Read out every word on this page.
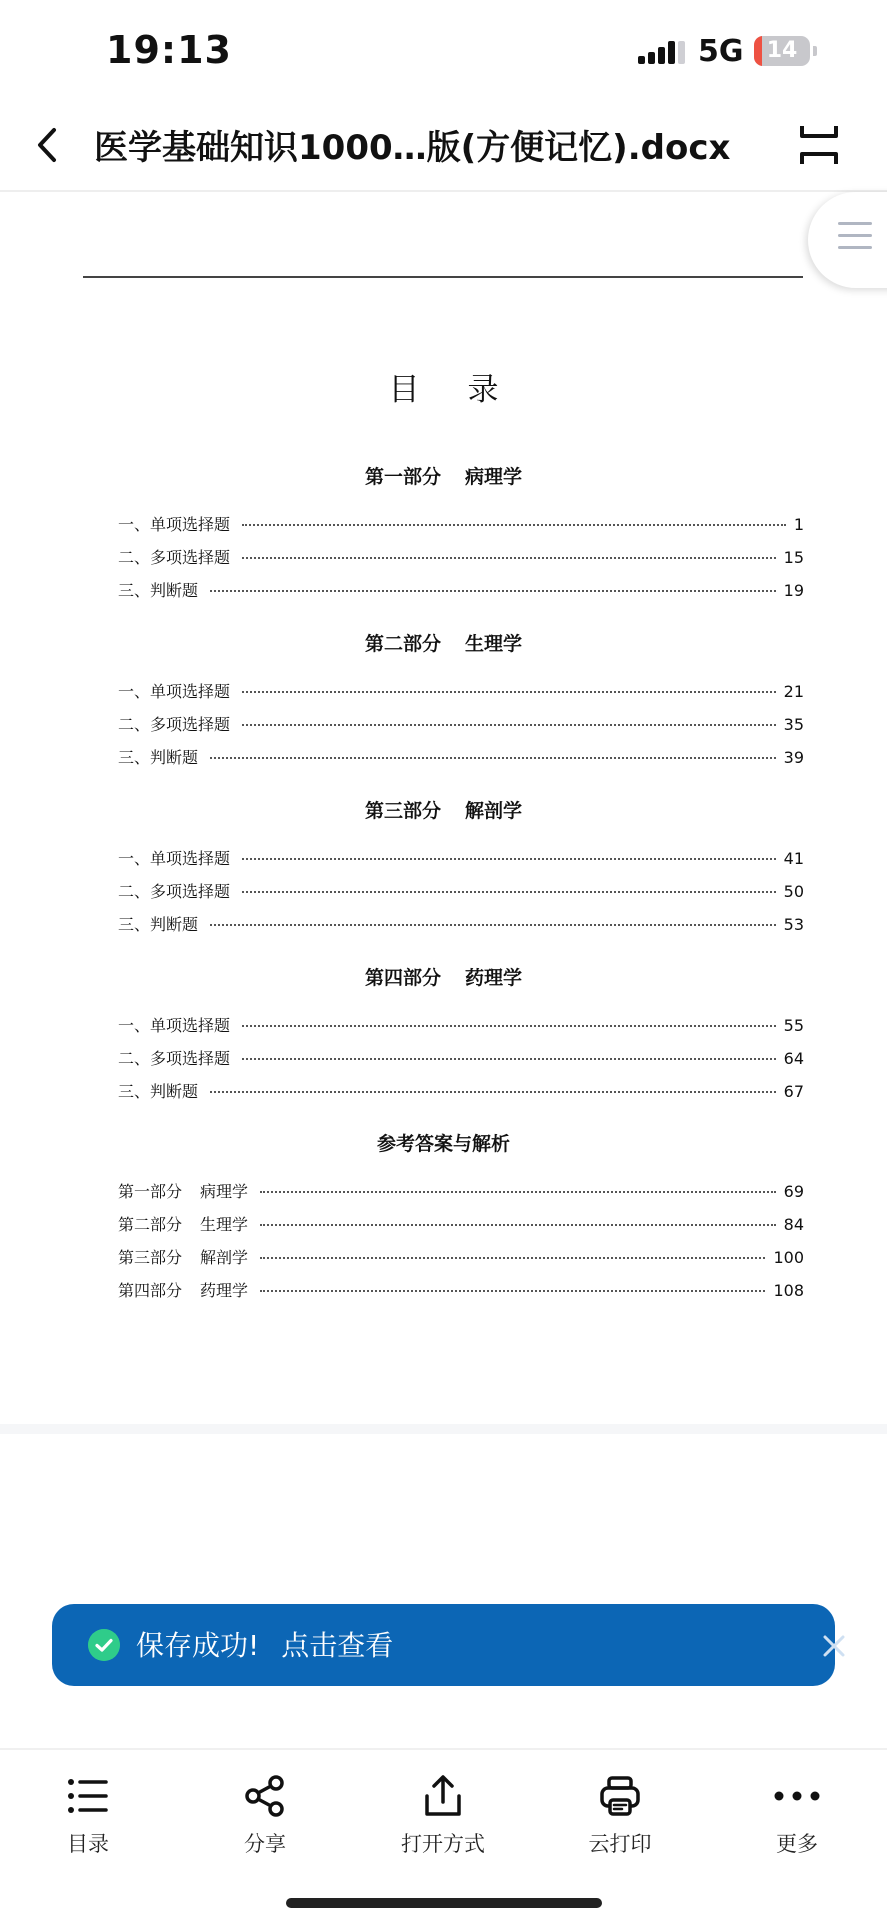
19:13	5G	14
医学基础知识1000…版(方便记忆).docx
目录
第一部分 病理学
一、单项选择题	1
二、多项选择题	15
三、判断题	19
第二部分 生理学
一、单项选择题	21
二、多项选择题	35
三、判断题	39
第三部分 解剖学
一、单项选择题	41
二、多项选择题	50
三、判断题	53
第四部分 药理学
一、单项选择题	55
二、多项选择题	64
三、判断题	67
参考答案与解析
第一部分 病理学	69
第二部分 生理学	84
第三部分 解剖学	100
第四部分 药理学	108
保存成功! 点击查看
目录	分享	打开方式	云打印	更多
